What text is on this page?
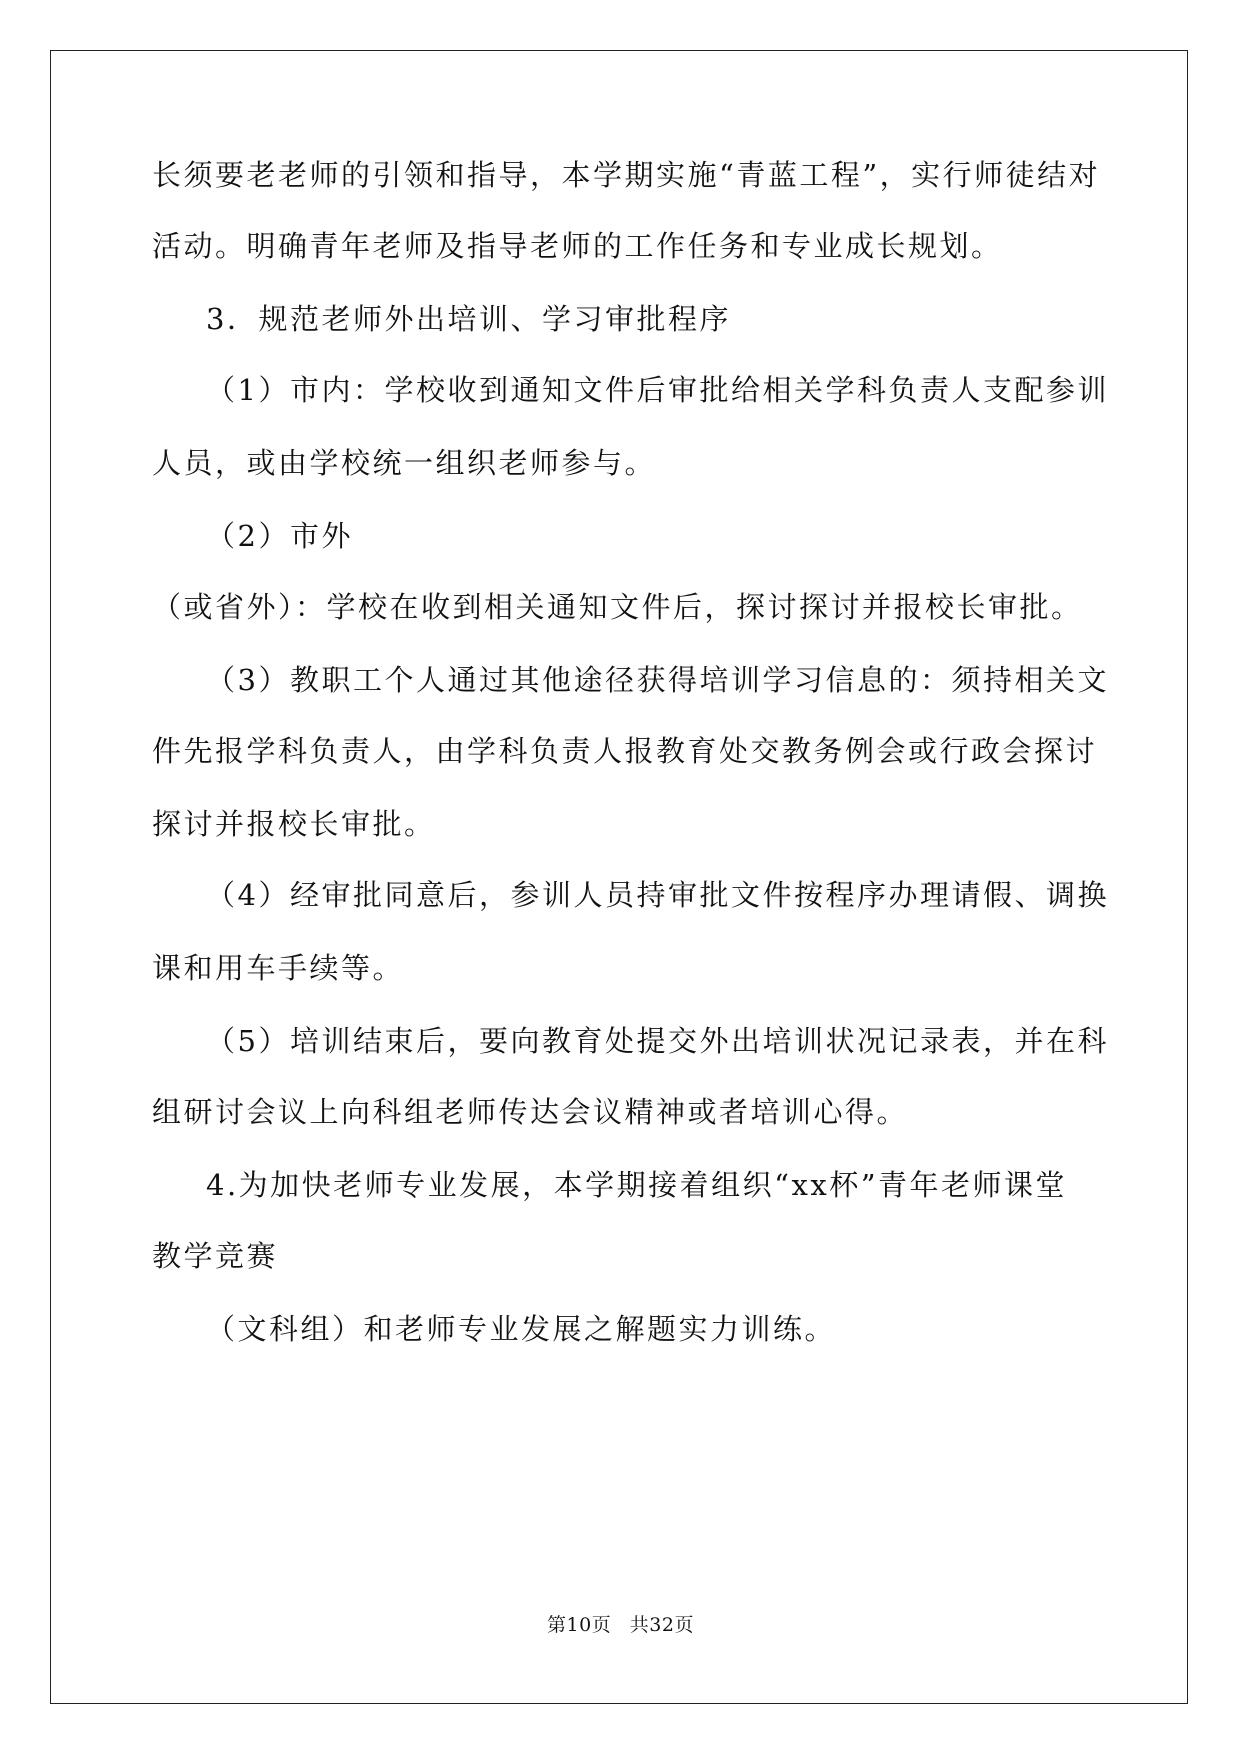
长须要老老师的引领和指导，本学期实施“青蓝工程”，实行师徒结对
活动。明确青年老师及指导老师的工作任务和专业成长规划。
3．规范老师外出培训、学习审批程序
（1）市内：学校收到通知文件后审批给相关学科负责人支配参训
人员，或由学校统一组织老师参与。
（2）市外
（或省外）：学校在收到相关通知文件后，探讨探讨并报校长审批。
（3）教职工个人通过其他途径获得培训学习信息的：须持相关文
件先报学科负责人，由学科负责人报教育处交教务例会或行政会探讨
探讨并报校长审批。
（4）经审批同意后，参训人员持审批文件按程序办理请假、调换
课和用车手续等。
（5）培训结束后，要向教育处提交外出培训状况记录表，并在科
组研讨会议上向科组老师传达会议精神或者培训心得。
4.为加快老师专业发展，本学期接着组织“xx杯”青年老师课堂
教学竞赛
（文科组）和老师专业发展之解题实力训练。
第10页 共32页
